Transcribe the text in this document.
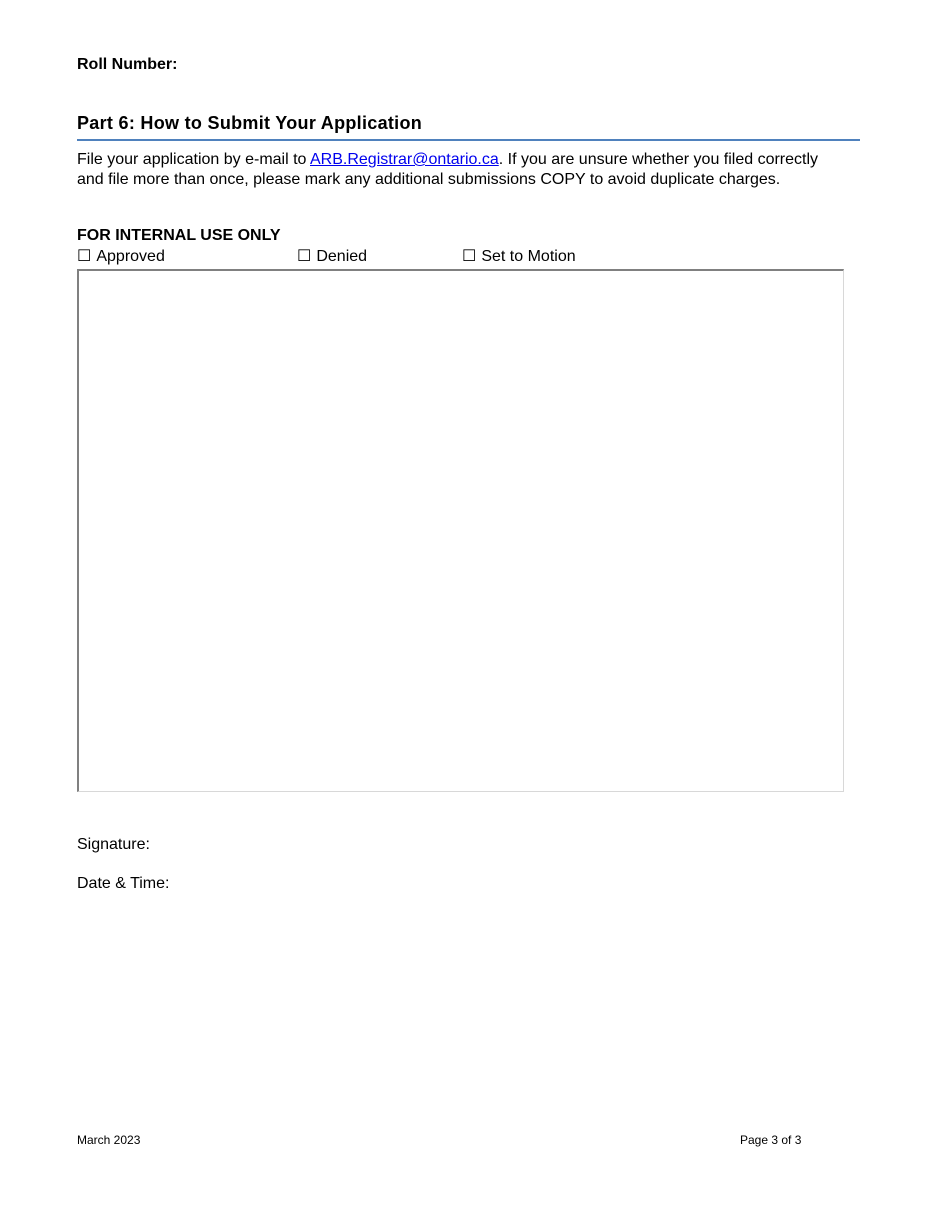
Roll Number:
Part 6: How to Submit Your Application
File your application by e-mail to ARB.Registrar@ontario.ca. If you are unsure whether you filed correctly and file more than once, please mark any additional submissions COPY to avoid duplicate charges.
FOR INTERNAL USE ONLY
☐ Approved	☐ Denied	☐ Set to Motion
Signature:
Date & Time:
March 2023	Page 3 of 3
